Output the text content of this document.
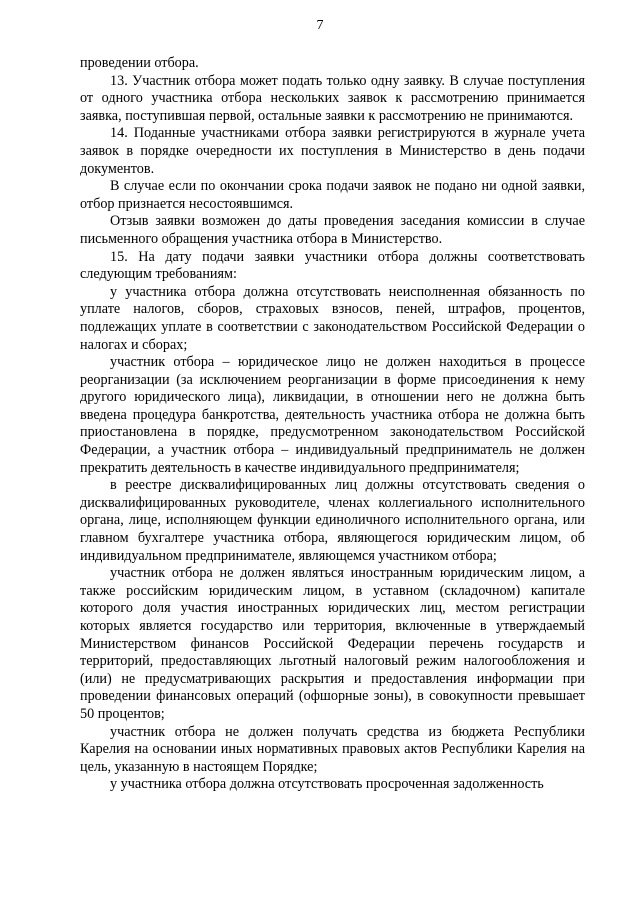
7

проведении отбора.

13. Участник отбора может подать только одну заявку. В случае поступления от одного участника отбора нескольких заявок к рассмотрению принимается заявка, поступившая первой, остальные заявки к рассмотрению не принимаются.

14. Поданные участниками отбора заявки регистрируются в журнале учета заявок в порядке очередности их поступления в Министерство в день подачи документов.

В случае если по окончании срока подачи заявок не подано ни одной заявки, отбор признается несостоявшимся.

Отзыв заявки возможен до даты проведения заседания комиссии в случае письменного обращения участника отбора в Министерство.

15. На дату подачи заявки участники отбора должны соответствовать следующим требованиям:

у участника отбора должна отсутствовать неисполненная обязанность по уплате налогов, сборов, страховых взносов, пеней, штрафов, процентов, подлежащих уплате в соответствии с законодательством Российской Федерации о налогах и сборах;

участник отбора – юридическое лицо не должен находиться в процессе реорганизации (за исключением реорганизации в форме присоединения к нему другого юридического лица), ликвидации, в отношении него не должна быть введена процедура банкротства, деятельность участника отбора не должна быть приостановлена в порядке, предусмотренном законодательством Российской Федерации, а участник отбора – индивидуальный предприниматель не должен прекратить деятельность в качестве индивидуального предпринимателя;

в реестре дисквалифицированных лиц должны отсутствовать сведения о дисквалифицированных руководителе, членах коллегиального исполнительного органа, лице, исполняющем функции единоличного исполнительного органа, или главном бухгалтере участника отбора, являющегося юридическим лицом, об индивидуальном предпринимателе, являющемся участником отбора;

участник отбора не должен являться иностранным юридическим лицом, а также российским юридическим лицом, в уставном (складочном) капитале которого доля участия иностранных юридических лиц, местом регистрации которых является государство или территория, включенные в утверждаемый Министерством финансов Российской Федерации перечень государств и территорий, предоставляющих льготный налоговый режим налогообложения и (или) не предусматривающих раскрытия и предоставления информации при проведении финансовых операций (офшорные зоны), в совокупности превышает 50 процентов;

участник отбора не должен получать средства из бюджета Республики Карелия на основании иных нормативных правовых актов Республики Карелия на цель, указанную в настоящем Порядке;

у участника отбора должна отсутствовать просроченная задолженность
